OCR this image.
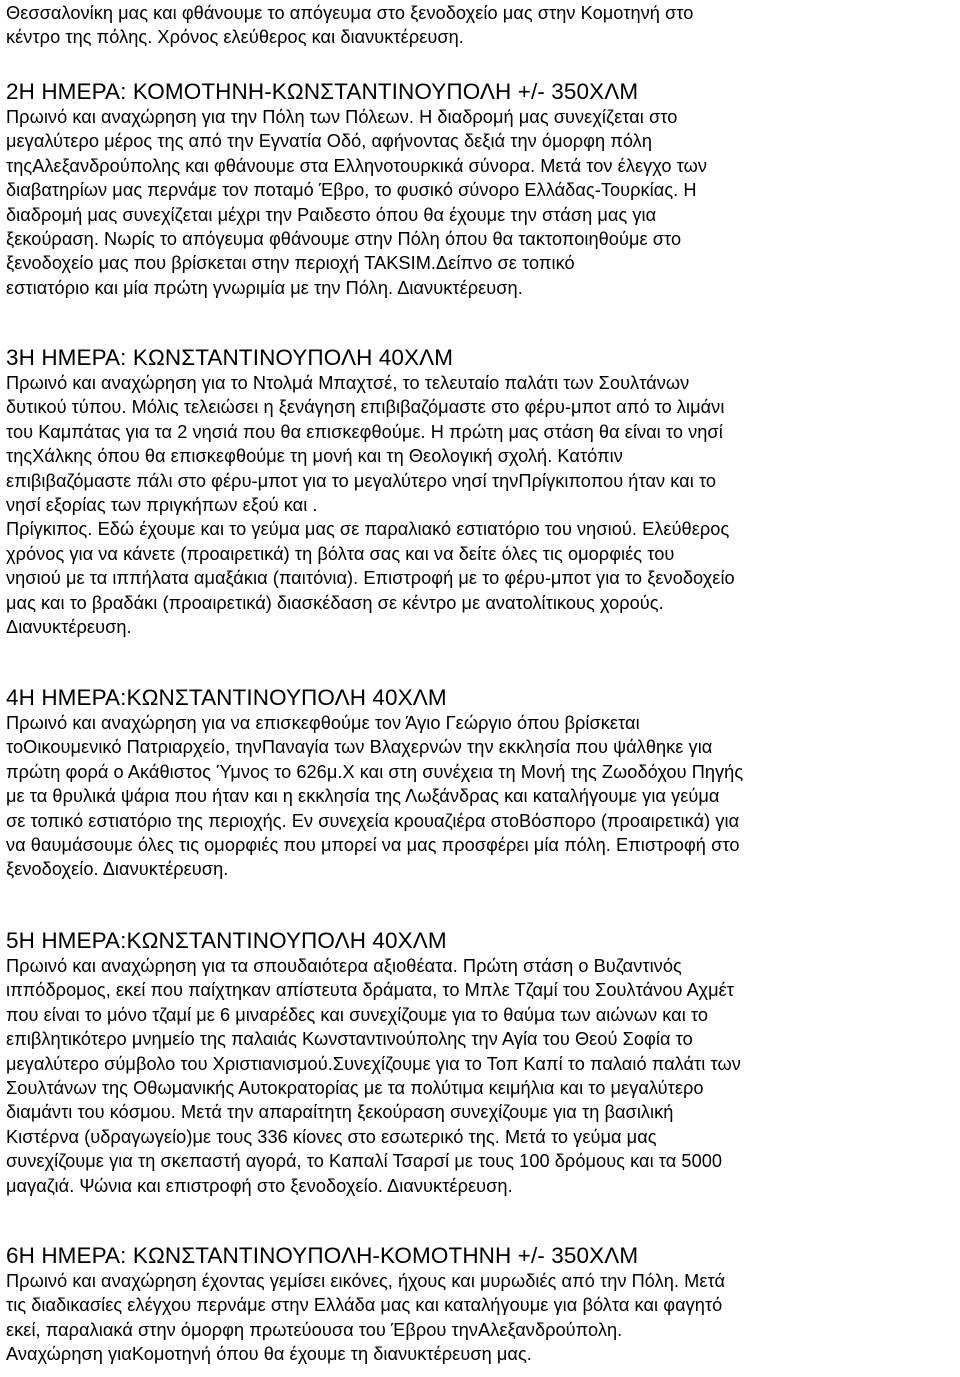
Θεσσαλονίκη μας και φθάνουμε το απόγευμα στο ξενοδοχείο μας στην Κομοτηνή στο
κέντρο της πόλης. Χρόνος ελεύθερος και διανυκτέρευση.
2Η ΗΜΕΡΑ: ΚΟΜΟΤΗΝΗ-ΚΩΝΣΤΑΝΤΙΝΟΥΠΟΛΗ +/- 350ΧΛΜ
Πρωινό και αναχώρηση για την Πόλη των Πόλεων. Η διαδρομή μας συνεχίζεται στο
μεγαλύτερο μέρος της από την Εγνατία Οδό, αφήνοντας δεξιά την όμορφη πόλη
τηςΑλεξανδρούπολης και φθάνουμε στα Ελληνοτουρκικά σύνορα. Μετά τον έλεγχο των
διαβατηρίων μας περνάμε τον ποταμό Έβρο, το φυσικό σύνορο Ελλάδας-Τουρκίας. Η
διαδρομή μας συνεχίζεται μέχρι την Ραιδεστο όπου θα έχουμε την στάση μας για
ξεκούραση. Νωρίς το απόγευμα φθάνουμε στην Πόλη όπου θα τακτοποιηθούμε στο
ξενοδοχείο μας που βρίσκεται στην περιοχή TAKSIM.Δείπνο σε τοπικό
εστιατόριο και μία πρώτη γνωριμία με την Πόλη. Διανυκτέρευση.
3Η ΗΜΕΡΑ: ΚΩΝΣΤΑΝΤΙΝΟΥΠΟΛΗ 40ΧΛΜ
Πρωινό και αναχώρηση για το Ντολμά Μπαχτσέ, το τελευταίο παλάτι των Σουλτάνων
δυτικού τύπου. Μόλις τελειώσει η ξενάγηση επιβιβαζόμαστε στο φέρυ-μποτ από το λιμάνι
του Καμπάτας για τα 2 νησιά που θα επισκεφθούμε. Η πρώτη μας στάση θα είναι το νησί
τηςΧάλκης όπου θα επισκεφθούμε τη μονή και τη Θεολογική σχολή. Κατόπιν
επιβιβαζόμαστε πάλι στο φέρυ-μποτ για το μεγαλύτερο νησί τηνΠρίγκιποπου ήταν και το
νησί εξορίας των πριγκήπων εξού και .
Πρίγκιπος. Εδώ έχουμε και το γεύμα μας σε παραλιακό εστιατόριο του νησιού. Ελεύθερος
χρόνος για να κάνετε (προαιρετικά) τη βόλτα σας και να δείτε όλες τις ομορφιές του
νησιού με τα ιππήλατα αμαξάκια (παιτόνια). Επιστροφή με το φέρυ-μποτ για το ξενοδοχείο
μας και το βραδάκι (προαιρετικά) διασκέδαση σε κέντρο με ανατολίτικους χορούς.
Διανυκτέρευση.
4Η ΗΜΕΡΑ:ΚΩΝΣΤΑΝΤΙΝΟΥΠΟΛΗ 40ΧΛΜ
Πρωινό και αναχώρηση για να επισκεφθούμε τον Άγιο Γεώργιο όπου βρίσκεται
τοΟικουμενικό Πατριαρχείο, τηνΠαναγία των Βλαχερνών την εκκλησία που ψάλθηκε για
πρώτη φορά ο Ακάθιστος Ύμνος το 626μ.Χ και στη συνέχεια τη Μονή της Ζωοδόχου Πηγής
με τα θρυλικά ψάρια που ήταν και η εκκλησία της Λωξάνδρας και καταλήγουμε για γεύμα
σε τοπικό εστιατόριο της περιοχής. Εν συνεχεία κρουαζιέρα στοΒόσπορο (προαιρετικά) για
να θαυμάσουμε όλες τις ομορφιές που μπορεί να μας προσφέρει μία πόλη. Επιστροφή στο
ξενοδοχείο. Διανυκτέρευση.
5Η ΗΜΕΡΑ:ΚΩΝΣΤΑΝΤΙΝΟΥΠΟΛΗ 40ΧΛΜ
Πρωινό και αναχώρηση για τα σπουδαιότερα αξιοθέατα. Πρώτη στάση ο Βυζαντινός
ιππόδρομος, εκεί που παίχτηκαν απίστευτα δράματα, το Μπλε Τζαμί του Σουλτάνου Αχμέτ
που είναι το μόνο τζαμί με 6 μιναρέδες και συνεχίζουμε για το θαύμα των αιώνων και το
επιβλητικότερο μνημείο της παλαιάς Κωνσταντινούπολης την Αγία του Θεού Σοφία το
μεγαλύτερο σύμβολο του Χριστιανισμού.Συνεχίζουμε για το Τοπ Καπί το παλαιό παλάτι των
Σουλτάνων της Οθωμανικής Αυτοκρατορίας με τα πολύτιμα κειμήλια και το μεγαλύτερο
διαμάντι του κόσμου. Μετά την απαραίτητη ξεκούραση συνεχίζουμε για τη βασιλική
Κιστέρνα (υδραγωγείο)με τους 336 κίονες στο εσωτερικό της. Μετά το γεύμα μας
συνεχίζουμε για τη σκεπαστή αγορά, το Καπαλί Τσαρσί με τους 100 δρόμους και τα 5000
μαγαζιά. Ψώνια και επιστροφή στο ξενοδοχείο. Διανυκτέρευση.
6Η ΗΜΕΡΑ: ΚΩΝΣΤΑΝΤΙΝΟΥΠΟΛΗ-ΚΟΜΟΤΗΝΗ +/- 350ΧΛΜ
Πρωινό και αναχώρηση έχοντας γεμίσει εικόνες, ήχους και μυρωδιές από την Πόλη. Μετά
τις διαδικασίες ελέγχου περνάμε στην Ελλάδα μας και καταλήγουμε για βόλτα και φαγητό
εκεί, παραλιακά στην όμορφη πρωτεύουσα του Έβρου τηνΑλεξανδρούπολη.
Αναχώρηση γιαΚομοτηνή όπου θα έχουμε τη διανυκτέρευση μας.
